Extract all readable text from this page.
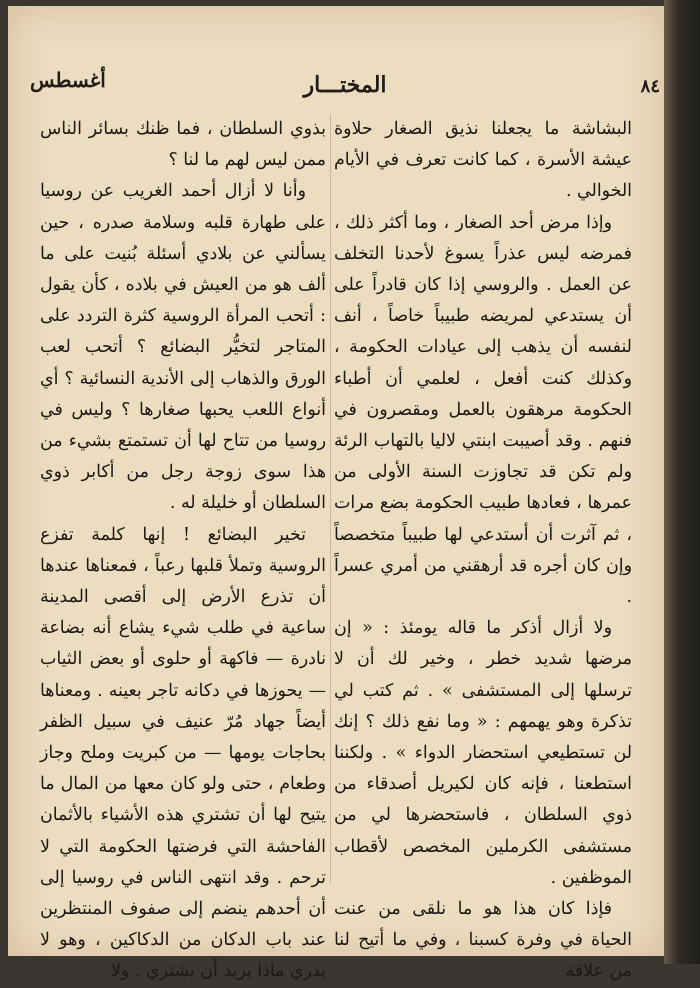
٨٤
المختـــار
أغسطس

البشاشة ما يجعلنا نذيق الصغار حلاوة عيشة الأسرة ، كما كانت تعرف في الأيام الخوالي .

وإذا مرض أحد الصغار ، وما أكثر ذلك ، فمرضه ليس عذراً يسوغ لأحدنا التخلف عن العمل . والروسي إذا كان قادراً على أن يستدعي لمريضه طبيباً خاصاً ، أنف لنفسه أن يذهب إلى عيادات الحكومة ، وكذلك كنت أفعل ، لعلمي أن أطباء الحكومة مرهقون بالعمل ومقصرون في فنهم . وقد أصيبت ابنتي لاليا بالتهاب الرئة ولم تكن قد تجاوزت السنة الأولى من عمرها ، فعادها طبيب الحكومة بضع مرات ، ثم آثرت أن أستدعي لها طبيباً متخصصاً وإن كان أجره قد أرهقني من أمري عسراً .

ولا أزال أذكر ما قاله يومئذ : « إن مرضها شديد خطر ، وخير لك أن لا ترسلها إلى المستشفى » . ثم كتب لي تذكرة وهو يهمهم : « وما نفع ذلك ؟ إنك لن تستطيعي استحضار الدواء » . ولكننا استطعنا ، فإنه كان لكيريل أصدقاء من ذوي السلطان ، فاستحضرها لي من مستشفى الكرملين المخصص لأقطاب الموظفين .

فإذا كان هذا هو ما نلقى من عنت الحياة في وفرة كسبنا ، وفي ما أتيح لنا من علاقة

بذوي السلطان ، فما ظنك بسائر الناس ممن ليس لهم ما لنا ؟

وأنا لا أزال أحمد الغريب عن روسيا على طهارة قلبه وسلامة صدره ، حين يسألني عن بلادي أسئلة بُنيت على ما ألف هو من العيش في بلاده ، كأن يقول : أتحب المرأة الروسية كثرة التردد على المتاجر لتخيُّر البضائع ؟ أتحب لعب الورق والذهاب إلى الأندية النسائية ؟ أي أنواع اللعب يحبها صغارها ؟ وليس في روسيا من تتاح لها أن تستمتع بشيء من هذا سوى زوجة رجل من أكابر ذوي السلطان أو خليلة له .

تخير البضائع ! إنها كلمة تفزع الروسية وتملأ قلبها رعباً ، فمعناها عندها أن تذرع الأرض إلى أقصى المدينة ساعية في طلب شيء يشاع أنه بضاعة نادرة — فاكهة أو حلوى أو بعض الثياب — يحوزها في دكانه تاجر بعينه . ومعناها أيضاً جهاد مُرّ عنيف في سبيل الظفر بحاجات يومها — من كبريت وملح وجاز وطعام ، حتى ولو كان معها من المال ما يتيح لها أن تشتري هذه الأشياء بالأثمان الفاحشة التي فرضتها الحكومة التي لا ترحم . وقد انتهى الناس في روسيا إلى أن أحدهم ينضم إلى صفوف المنتظرين عند باب الدكان من الدكاكين ، وهو لا يدري ماذا يريد أن يشتري . ولا
